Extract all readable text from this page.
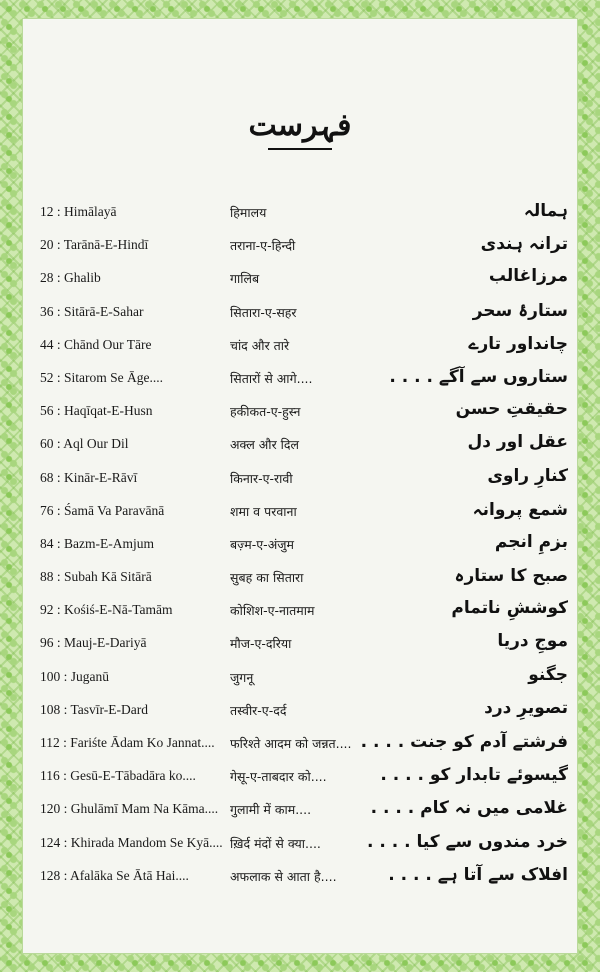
فہرست
12 : Himālayā	हिमालय	ہمالہ
20 : Tarānā-E-Hindī	तराना-ए-हिन्दी	ترانہ ہندی
28 : Ghalib	गालिब	مرزاغالب
36 : Sitārā-E-Sahar	सितारा-ए-सहर	ستارۂ سحر
44 : Chānd Our Tāre	चांद और तारे	چانداور تارے
52 : Sitarom Se Āge....	सितारों से आगे....	ستاروں سے آگے . . . .
56 : Haqīqat-E-Husn	हकीकत-ए-हुस्न	حقیقتِ حسن
60 : Aql Our Dil	अक्ल और दिल	عقل اور دل
68 : Kinār-E-Rāvī	किनार-ए-रावी	کنارِ راوی
76 : Śamā Va Paravānā	शमा व परवाना	شمع پروانہ
84 : Bazm-E-Amjum	बज़्म-ए-अंजुम	بزمِ انجم
88 : Subah Kā Sitārā	सुबह का सितारा	صبح کا ستارہ
92 : Kośiś-E-Nā-Tamām	कोशिश-ए-नातमाम	کوششِ ناتمام
96 : Mauj-E-Dariyā	मौज-ए-दरिया	موجِ دریا
100 : Juganū	जुगनू	جگنو
108 : Tasvīr-E-Dard	तस्वीर-ए-दर्द	تصویرِ درد
112 : Fariśte Ādam Ko Jannat.... फरिश्ते आदम को जन्नत.... فرشتے آدم کو جنت . . . .
116 : Gesū-E-Tābadāra ko....	गेसू-ए-ताबदार को....	گیسوئے تابدار کو . . . .
120 : Ghulāmī Mam Na Kāma.... गुलामी में काम....	غلامی میں نہ کام . . . .
124 : Khirada Mandom Se Kyā.... ख़िर्द मंदों से क्या....	خرد مندوں سے کیا . . . .
128 : Afalāka Se Ātā Hai....	अफलाक से आता है....	افلاک سے آتا ہے . . . .
